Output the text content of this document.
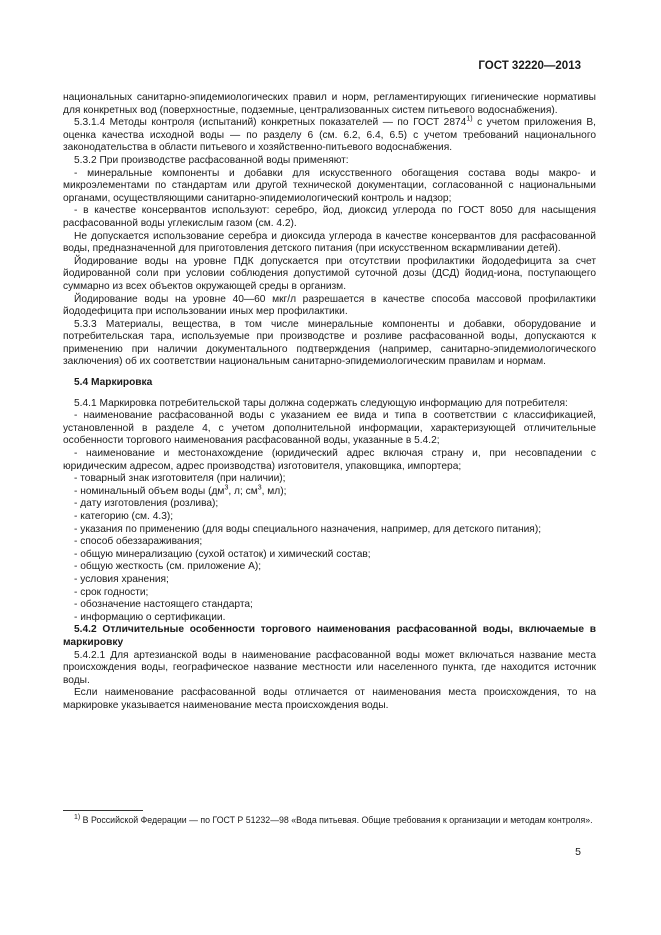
ГОСТ 32220—2013

национальных санитарно-эпидемиологических правил и норм, регламентирующих гигиенические нормативы для конкретных вод (поверхностные, подземные, централизованных систем питьевого водоснабжения).

5.3.1.4 Методы контроля (испытаний) конкретных показателей — по ГОСТ 2874$^{1)}$ с учетом приложения В, оценка качества исходной воды — по разделу 6 (см. 6.2, 6.4, 6.5) с учетом требований национального законодательства в области питьевого и хозяйственно-питьевого водоснабжения.

5.3.2 При производстве расфасованной воды применяют:

- минеральные компоненты и добавки для искусственного обогащения состава воды макро- и микроэлементами по стандартам или другой технической документации, согласованной с национальными органами, осуществляющими санитарно-эпидемиологический контроль и надзор;

- в качестве консервантов используют: серебро, йод, диоксид углерода по ГОСТ 8050 для насыщения расфасованной воды углекислым газом (см. 4.2).

Не допускается использование серебра и диоксида углерода в качестве консервантов для расфасованной воды, предназначенной для приготовления детского питания (при искусственном вскармливании детей).

Йодирование воды на уровне ПДК допускается при отсутствии профилактики йододефицита за счет йодированной соли при условии соблюдения допустимой суточной дозы (ДСД) йодид-иона, поступающего суммарно из всех объектов окружающей среды в организм.

Йодирование воды на уровне 40—60 мкг/л разрешается в качестве способа массовой профилактики йододефицита при использовании иных мер профилактики.

5.3.3 Материалы, вещества, в том числе минеральные компоненты и добавки, оборудование и потребительская тара, используемые при производстве и розливе расфасованной воды, допускаются к применению при наличии документального подтверждения (например, санитарно-эпидемиологического заключения) об их соответствии национальным санитарно-эпидемиологическим правилам и нормам.

5.4 Маркировка

5.4.1 Маркировка потребительской тары должна содержать следующую информацию для потребителя:

- наименование расфасованной воды с указанием ее вида и типа в соответствии с классификацией, установленной в разделе 4, с учетом дополнительной информации, характеризующей отличительные особенности торгового наименования расфасованной воды, указанные в 5.4.2;

- наименование и местонахождение (юридический адрес включая страну и, при несовпадении с юридическим адресом, адрес производства) изготовителя, упаковщика, импортера;

- товарный знак изготовителя (при наличии);

- номинальный объем воды ($дм^3$, л; $см^3$, мл);

- дату изготовления (розлива);

- категорию (см. 4.3);

- указания по применению (для воды специального назначения, например, для детского питания);

- способ обеззараживания;

- общую минерализацию (сухой остаток) и химический состав;

- общую жесткость (см. приложение А);

- условия хранения;

- срок годности;

- обозначение настоящего стандарта;

- информацию о сертификации.

5.4.2 Отличительные особенности торгового наименования расфасованной воды, включаемые в маркировку

5.4.2.1 Для артезианской воды в наименование расфасованной воды может включаться название места происхождения воды, географическое название местности или населенного пункта, где находится источник воды.

Если наименование расфасованной воды отличается от наименования места происхождения, то на маркировке указывается наименование места происхождения воды.

$^{1)}$ В Российской Федерации — по ГОСТ Р 51232—98 «Вода питьевая. Общие требования к организации и методам контроля».
5
